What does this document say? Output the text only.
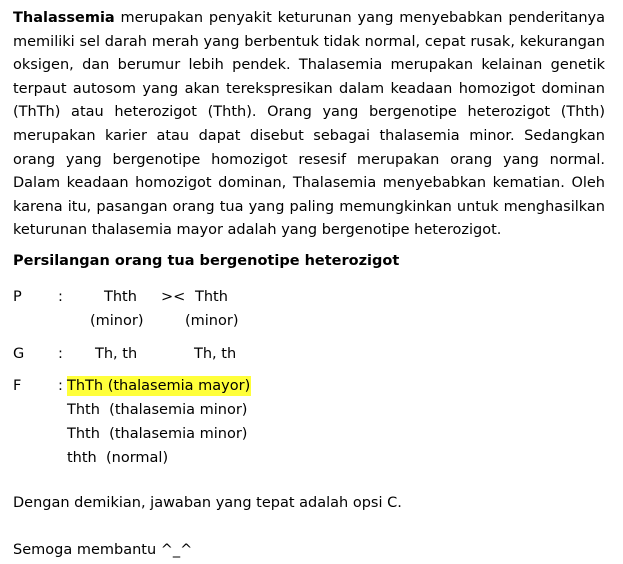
Thalassemia merupakan penyakit keturunan yang menyebabkan penderitanya memiliki sel darah merah yang berbentuk tidak normal, cepat rusak, kekurangan oksigen, dan berumur lebih pendek. Thalasemia merupakan kelainan genetik terpaut autosom yang akan terekspresikan dalam keadaan homozigot dominan (ThTh) atau heterozigot (Thth). Orang yang bergenotipe heterozigot (Thth) merupakan karier atau dapat disebut sebagai thalasemia minor. Sedangkan orang yang bergenotipe homozigot resesif merupakan orang yang normal. Dalam keadaan homozigot dominan, Thalasemia menyebabkan kematian. Oleh karena itu, pasangan orang tua yang paling memungkinkan untuk menghasilkan keturunan thalasemia mayor adalah yang bergenotipe heterozigot.

Persilangan orang tua bergenotipe heterozigot
P	:	Thth >< Thth
(minor)	(minor)
G : Th, th	Th, th
F	: ThTh (thalasemia mayor)
Thth (thalasemia minor)
Thth (thalasemia minor)
thth (normal)
Dengan demikian, jawaban yang tepat adalah opsi C.
Semoga membantu ^_^
